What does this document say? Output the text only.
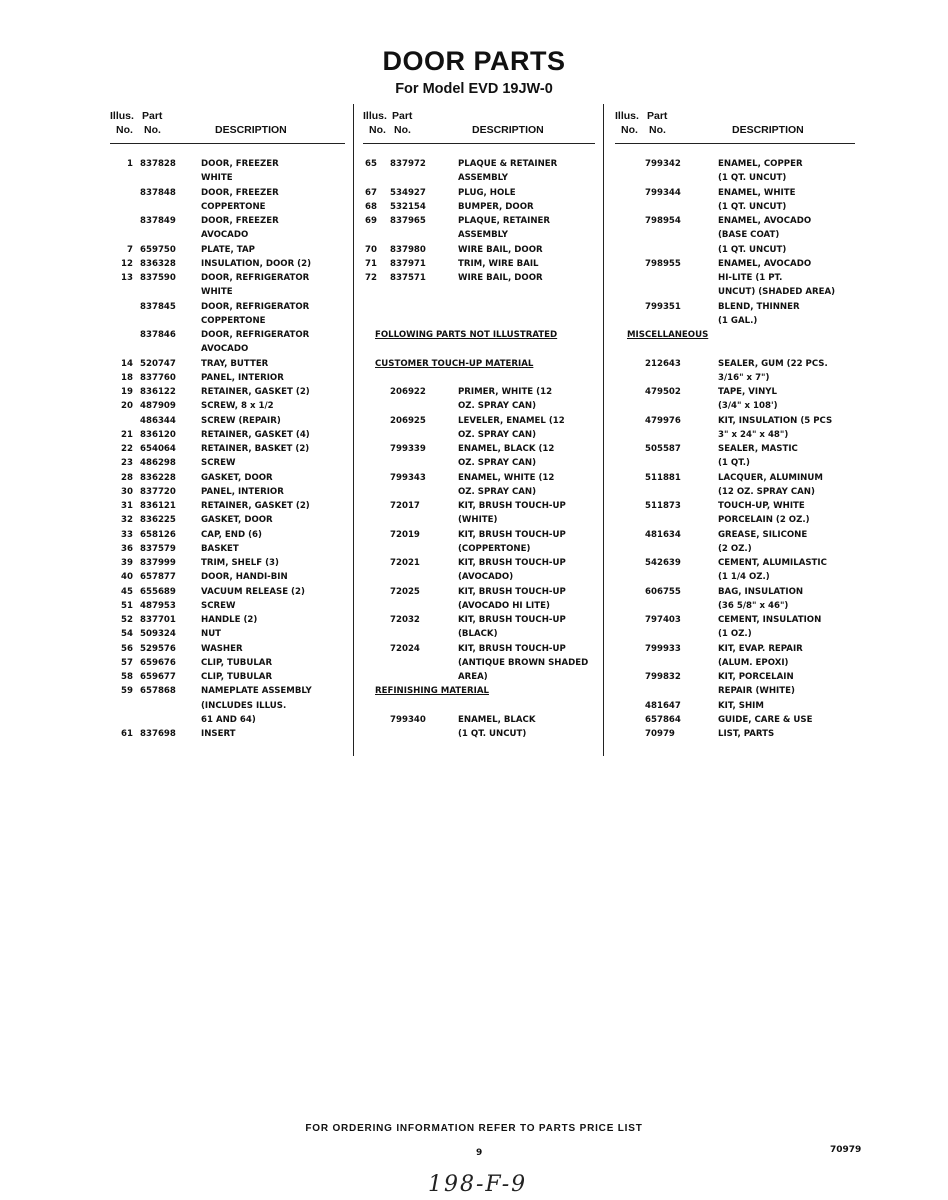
DOOR PARTS
For Model EVD 19JW-0
Illus. Part
No. No.	DESCRIPTION
1 837828	DOOR, FREEZER
WHITE
837848	DOOR, FREEZER
COPPERTONE
837849	DOOR, FREEZER
AVOCADO
7 659750	PLATE, TAP
12 836328	INSULATION, DOOR (2)
13 837590	DOOR, REFRIGERATOR
WHITE
837845	DOOR, REFRIGERATOR
COPPERTONE
837846	DOOR, REFRIGERATOR
AVOCADO
14 520747	TRAY, BUTTER
18 837760	PANEL, INTERIOR
19 836122	RETAINER, GASKET (2)
20 487909	SCREW, 8 x 1/2
486344	SCREW (REPAIR)
21 836120	RETAINER, GASKET (4)
22 654064	RETAINER, BASKET (2)
23 486298	SCREW
28 836228	GASKET, DOOR
30 837720	PANEL, INTERIOR
31 836121	RETAINER, GASKET (2)
32 836225	GASKET, DOOR
33 658126	CAP, END (6)
36 837579	BASKET
39 837999	TRIM, SHELF (3)
40 657877	DOOR, HANDI-BIN
45 655689	VACUUM RELEASE (2)
51 487953	SCREW
52 837701	HANDLE (2)
54 509324	NUT
56 529576	WASHER
57 659676	CLIP, TUBULAR
58 659677	CLIP, TUBULAR
59 657868	NAMEPLATE ASSEMBLY
(INCLUDES ILLUS.
61 AND 64)
61 837698	INSERT
Illus. Part
No. No.	DESCRIPTION
65 837972	PLAQUE & RETAINER
ASSEMBLY
67 534927	PLUG, HOLE
68 532154	BUMPER, DOOR
69 837965	PLAQUE, RETAINER
ASSEMBLY
70 837980	WIRE BAIL, DOOR
71 837971	TRIM, WIRE BAIL
72 837571	WIRE BAIL, DOOR
FOLLOWING PARTS NOT ILLUSTRATED
CUSTOMER TOUCH-UP MATERIAL
206922	PRIMER, WHITE (12
OZ. SPRAY CAN)
206925	LEVELER, ENAMEL (12
OZ. SPRAY CAN)
799339	ENAMEL, BLACK (12
OZ. SPRAY CAN)
799343	ENAMEL, WHITE (12
OZ. SPRAY CAN)
72017	KIT, BRUSH TOUCH-UP
(WHITE)
72019	KIT, BRUSH TOUCH-UP
(COPPERTONE)
72021	KIT, BRUSH TOUCH-UP
(AVOCADO)
72025	KIT, BRUSH TOUCH-UP
(AVOCADO HI LITE)
72032	KIT, BRUSH TOUCH-UP
(BLACK)
72024	KIT, BRUSH TOUCH-UP
(ANTIQUE BROWN SHADED
AREA)
REFINISHING MATERIAL
799340	ENAMEL, BLACK
(1 QT. UNCUT)
Illus. Part
No. No.	DESCRIPTION
799342	ENAMEL, COPPER
(1 QT. UNCUT)
799344	ENAMEL, WHITE
(1 QT. UNCUT)
798954	ENAMEL, AVOCADO
(BASE COAT)
(1 QT. UNCUT)
798955	ENAMEL, AVOCADO
HI-LITE (1 PT.
UNCUT) (SHADED AREA)
799351	BLEND, THINNER
(1 GAL.)
MISCELLANEOUS
212643	SEALER, GUM (22 PCS.
3/16" x 7")
479502	TAPE, VINYL
(3/4" x 108')
479976	KIT, INSULATION (5 PCS
3" x 24" x 48")
505587	SEALER, MASTIC
(1 QT.)
511881	LACQUER, ALUMINUM
(12 OZ. SPRAY CAN)
511873	TOUCH-UP, WHITE
PORCELAIN (2 OZ.)
481634	GREASE, SILICONE
(2 OZ.)
542639	CEMENT, ALUMILASTIC
(1 1/4 OZ.)
606755	BAG, INSULATION
(36 5/8" x 46")
797403	CEMENT, INSULATION
(1 OZ.)
799933	KIT, EVAP. REPAIR
(ALUM. EPOXI)
799832	KIT, PORCELAIN
REPAIR (WHITE)
481647	KIT, SHIM
657864	GUIDE, CARE & USE
70979	LIST, PARTS
FOR ORDERING INFORMATION REFER TO PARTS PRICE LIST
9	70979
198-F-9
